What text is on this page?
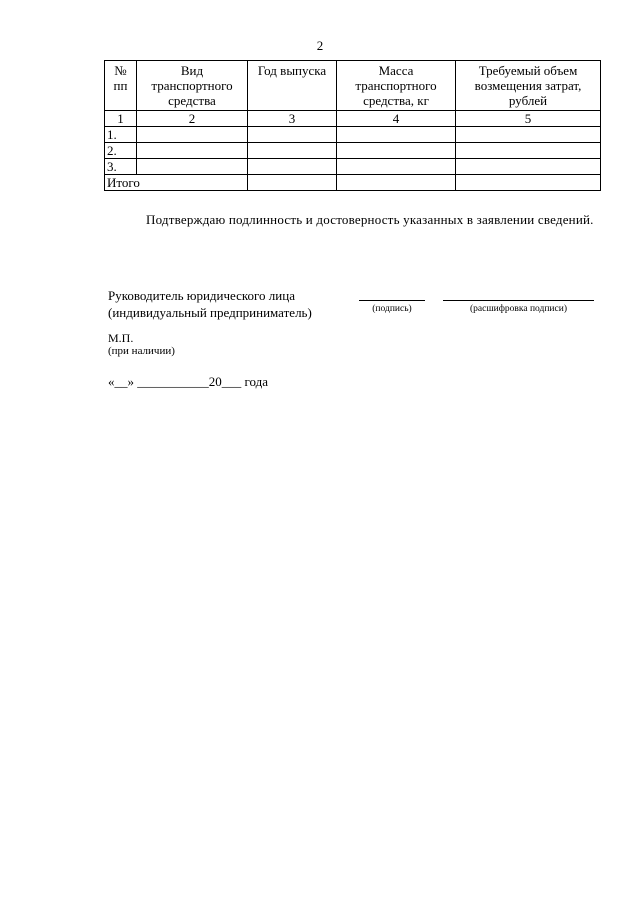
2
№ пп	Вид транспортного средства	Год выпуска	Масса транспортного средства, кг	Требуемый объем возмещения затрат, рублей
1	2	3	4	5
1.				
2.				
3.				
Итого				
Подтверждаю подлинность и достоверность указанных в заявлении сведений.
Руководитель юридического лица
(индивидуальный предприниматель)	(подпись)	(расшифровка подписи)
М.П.
(при наличии)
«__» ___________20___ года
